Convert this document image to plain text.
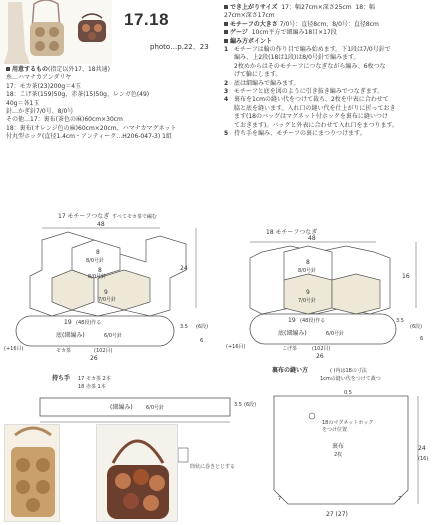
17.18
photo…p.22、23
用意するもの(指定以外17、18共通)
糸…ハマナカアンダリヤ
17：モカ茶(23)200g＝4玉
18：こげ茶(159)50g、赤茶(15)50g、レンガ色(49)
40g＝各1玉
針…かぎ針7/0号、8/0号
その他…17：裏布(茶色の麻)60cm×30cm
18：裏布(オレンジ色の麻)60cm×20cm、ハマナカマグネット
付丸型ホック(直径1.4cm・アンティーク…H206-047-3) 1組
でき上がりサイズ 17：幅27cm×深さ25cm 18：幅
27cm×深さ17cm
モチーフの大きさ 7/0号：直径8cm、8/0号：直径8cm
ゲージ 10cm平方で細編み18目×17段
編み方ポイント
1 モチーフは輪の作り目で編み始めます。下1段は7/0号針で
編み、上2段(18は1段)は8/0号針で編みます。
2枚めからはそのモチーフにつなぎながら編み、6枚つな
げて輪にします。
2 底は細編みで編みます。
3 モチーフと底を図のように引き抜き編みでつなぎます。
4 裏布を1cmの縫い代をつけて裁ち、2枚を中表に合わせて
脇と底を縫います。入れ口の縫い代を仕上がりに折っておき
ます(18のバッグはマグネット付ホックを裏布に縫いつけ
ておきます)。バッグと外表に合わせて入れ口をまつります。
5 持ち手を編み、モチーフの裏にまつりつけます。
17 モチーフつなぎ すべてモカ茶で編む
48
8
8/0号針
8
8/0号針
9
7/0号針
24
19 (48段)作る
底(細編み)	6/0号針
(102目)
(+16目)	モカ茶
26
3.5 (6段)
6
18 モチーフつなぎ
48
8
8/0号針
9
7/0号針
16
19 (48段)作る
底(細編み)	6/0号針
(102目)
(+16目)	こげ茶
26
3.5
(6段)
6
持ち手 17 モカ茶 2本
18 赤茶 1本
(細編み)	6/0号針	3.5 (6段)
筒状に巻きとじする
裏布の縫い方	( )内は18の寸法
1cmの縫い代をつけて裁つ
0.5
18のマグネットホック
をつけ位置
裏布
2枚
24
(16)
7	7
27 (27)
